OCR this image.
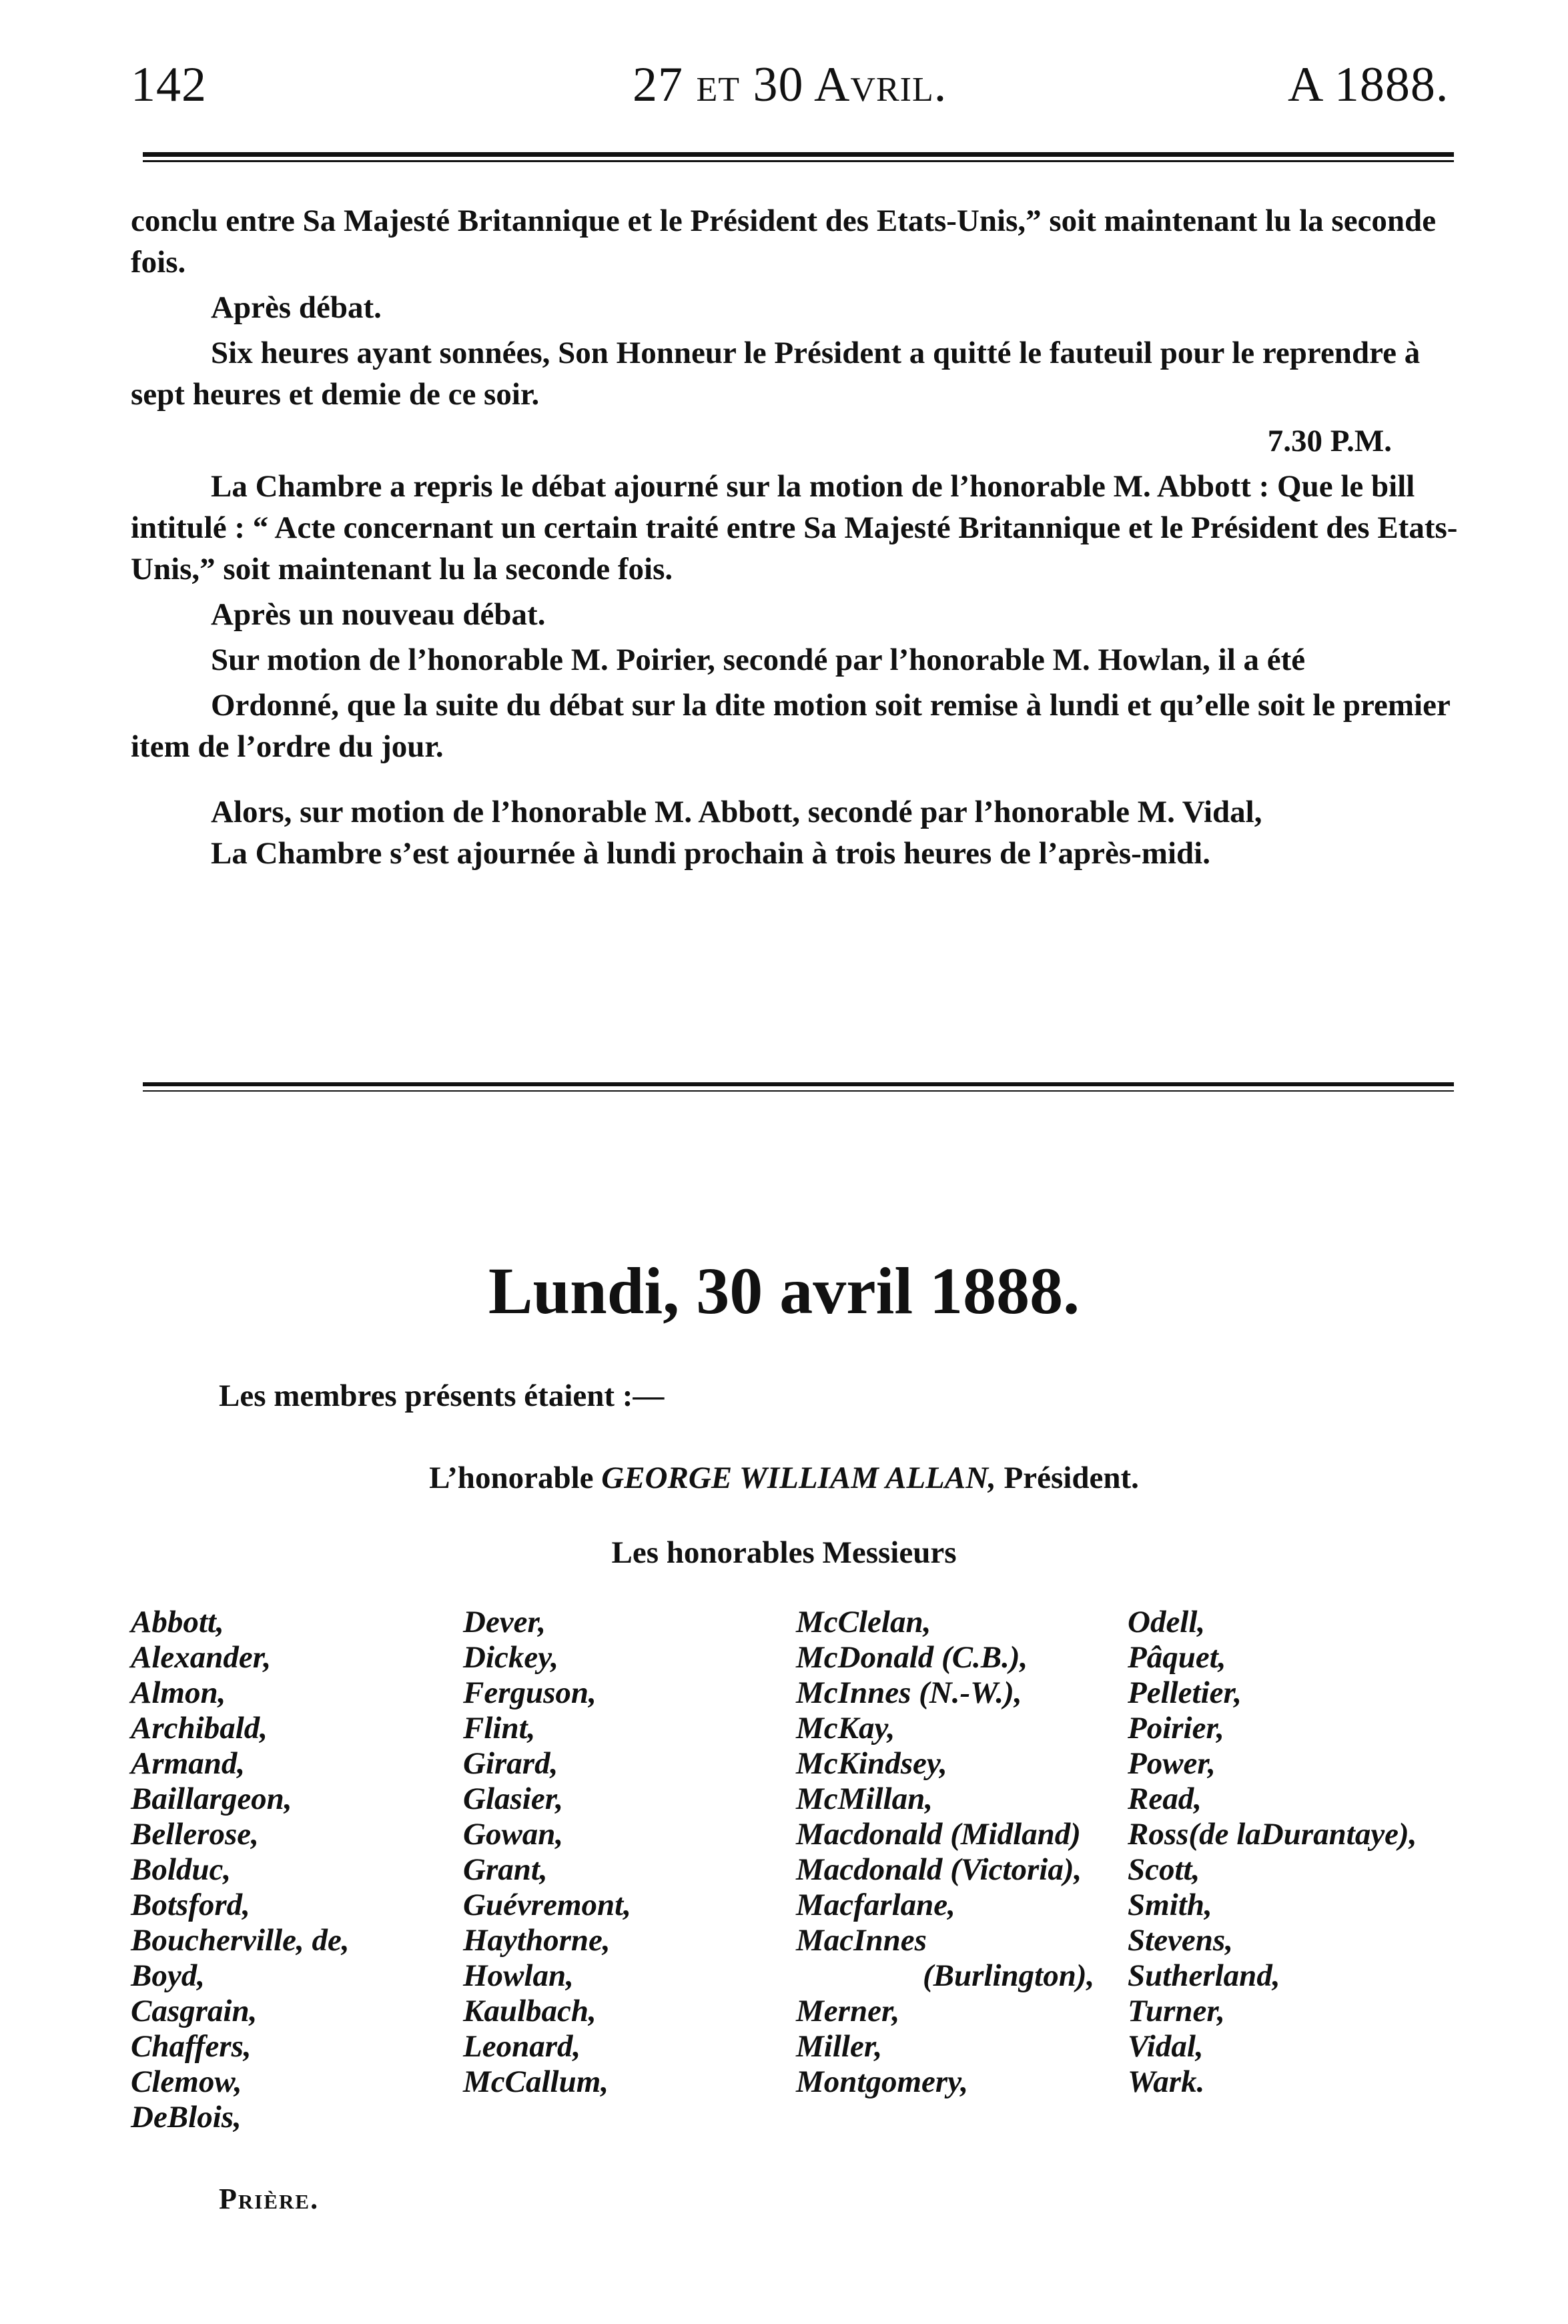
142	27 et 30 Avril.	A 1888.

conclu entre Sa Majesté Britannique et le Président des Etats-Unis,” soit maintenant lu la seconde fois.

Après débat.

Six heures ayant sonnées, Son Honneur le Président a quitté le fauteuil pour le reprendre à sept heures et demie de ce soir.

7.30 P.M.

La Chambre a repris le débat ajourné sur la motion de l’honorable M. Abbott : Que le bill intitulé : “ Acte concernant un certain traité entre Sa Majesté Britannique et le Président des Etats-Unis,” soit maintenant lu la seconde fois.

Après un nouveau débat.

Sur motion de l’honorable M. Poirier, secondé par l’honorable M. Howlan, il a été

Ordonné, que la suite du débat sur la dite motion soit remise à lundi et qu’elle soit le premier item de l’ordre du jour.

Alors, sur motion de l’honorable M. Abbott, secondé par l’honorable M. Vidal,

La Chambre s’est ajournée à lundi prochain à trois heures de l’après-midi.

Lundi, 30 avril 1888.
Les membres présents étaient :—
L’honorable GEORGE WILLIAM ALLAN, Président.
Les honorables Messieurs
Abbott,
Alexander,
Almon,
Archibald,
Armand,
Baillargeon,
Bellerose,
Bolduc,
Botsford,
Boucherville, de,
Boyd,
Casgrain,
Chaffers,
Clemow,
DeBlois,
Dever,
Dickey,
Ferguson,
Flint,
Girard,
Glasier,
Gowan,
Grant,
Guévremont,
Haythorne,
Howlan,
Kaulbach,
Leonard,
McCallum,
McClelan,
McDonald (C.B.),
McInnes (N.-W.),
McKay,
McKindsey,
McMillan,
Macdonald (Midland)
Macdonald (Victoria),
Macfarlane,
MacInnes
(Burlington),
Merner,
Miller,
Montgomery,
Odell,
Pâquet,
Pelletier,
Poirier,
Power,
Read,
Ross(de laDurantaye),
Scott,
Smith,
Stevens,
Sutherland,
Turner,
Vidal,
Wark.
Prière.
